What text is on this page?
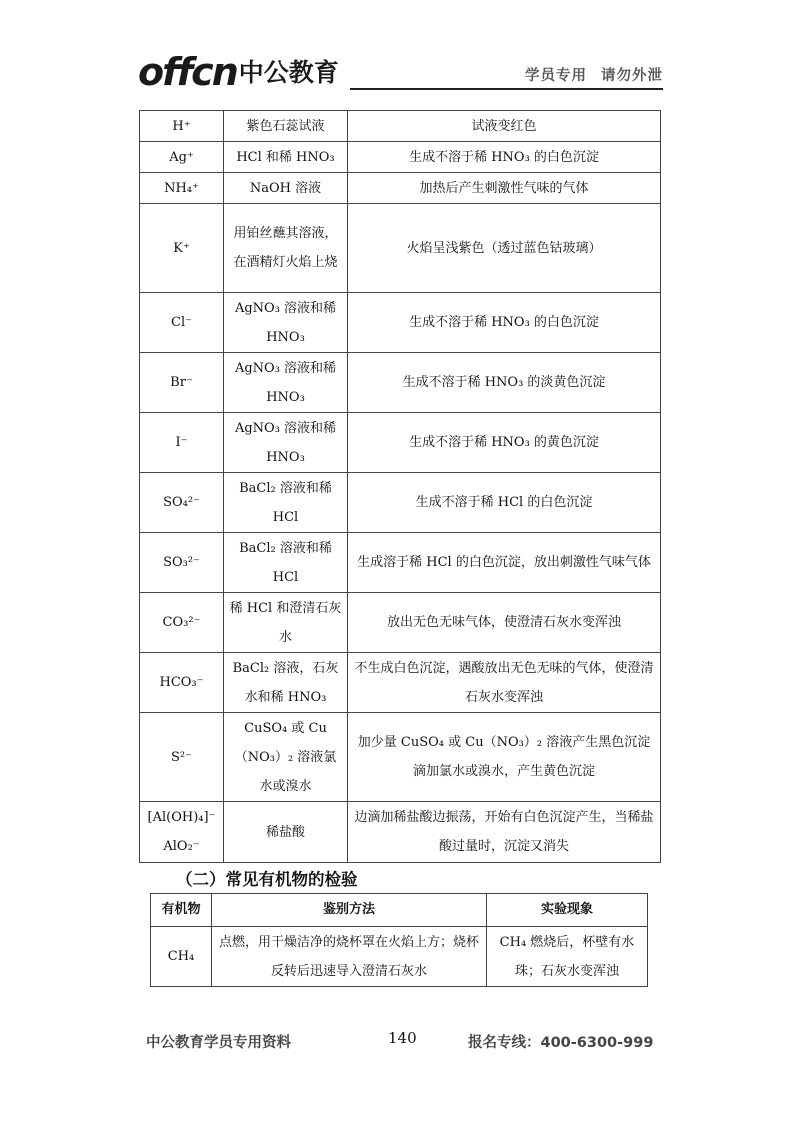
offcn 中公教育	学员专用 请勿外泄
H⁺	紫色石蕊试液	试液变红色
Ag⁺	HCl 和稀 HNO₃	生成不溶于稀 HNO₃ 的白色沉淀
NH₄⁺	NaOH 溶液	加热后产生刺激性气味的气体
K⁺	用铂丝蘸其溶液，在酒精灯火焰上烧	火焰呈浅紫色（透过蓝色钴玻璃）
Cl⁻	AgNO₃ 溶液和稀 HNO₃	生成不溶于稀 HNO₃ 的白色沉淀
Br⁻	AgNO₃ 溶液和稀 HNO₃	生成不溶于稀 HNO₃ 的淡黄色沉淀
I⁻	AgNO₃ 溶液和稀 HNO₃	生成不溶于稀 HNO₃ 的黄色沉淀
SO₄²⁻	BaCl₂ 溶液和稀 HCl	生成不溶于稀 HCl 的白色沉淀
SO₃²⁻	BaCl₂ 溶液和稀 HCl	生成溶于稀 HCl 的白色沉淀，放出刺激性气味气体
CO₃²⁻	稀 HCl 和澄清石灰水	放出无色无味气体，使澄清石灰水变浑浊
HCO₃⁻	BaCl₂ 溶液，石灰水和稀 HNO₃	不生成白色沉淀，遇酸放出无色无味的气体，使澄清石灰水变浑浊
S²⁻	CuSO₄ 或 Cu（NO₃）₂ 溶液氯水或溴水	加少量 CuSO₄ 或 Cu（NO₃）₂ 溶液产生黑色沉淀滴加氯水或溴水，产生黄色沉淀
[Al(OH)₄]⁻ AlO₂⁻	稀盐酸	边滴加稀盐酸边振荡，开始有白色沉淀产生，当稀盐酸过量时，沉淀又消失
（二）常见有机物的检验
有机物	鉴别方法	实验现象
CH₄	点燃，用干燥洁净的烧杯罩在火焰上方；烧杯反转后迅速导入澄清石灰水	CH₄ 燃烧后，杯壁有水珠；石灰水变浑浊
中公教育学员专用资料	140	报名专线：400-6300-999
